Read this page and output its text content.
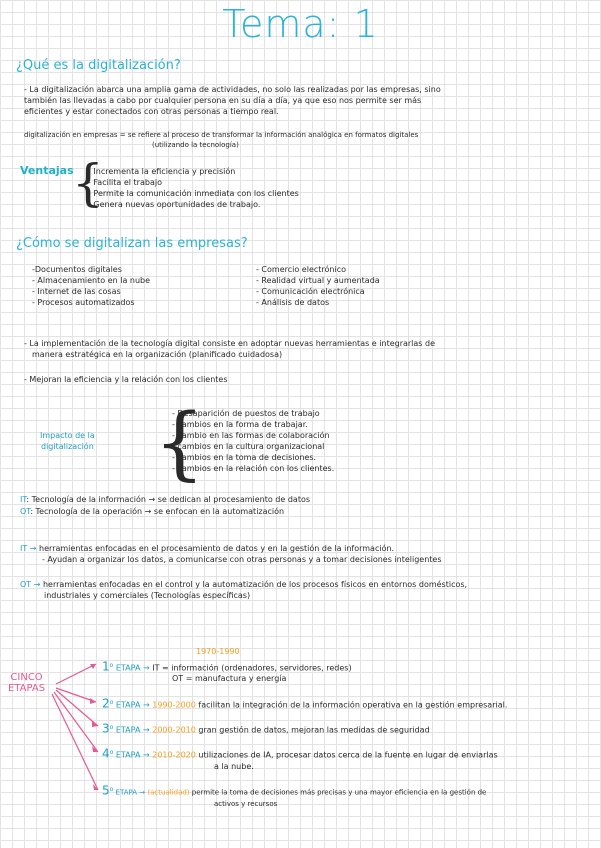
Tema: 1
¿Qué es la digitalización?
- La digitalización abarca una amplia gama de actividades, no solo las realizadas por las empresas, sino
también las llevadas a cabo por cualquier persona en su día a día, ya que eso nos permite ser más
eficientes y estar conectados con otras personas a tiempo real.
digitalización en empresas = se refiere al proceso de transformar la información analógica en formatos digitales
(utilizando la tecnología)
Ventajas
{
- Incrementa la eficiencia y precisión
- Facilita el trabajo
- Permite la comunicación inmediata con los clientes
- Genera nuevas oportunidades de trabajo.
¿Cómo se digitalizan las empresas?
-Documentos digitales
- Almacenamiento en la nube
- Internet de las cosas
- Procesos automatizados
- Comercio electrónico
- Realidad virtual y aumentada
- Comunicación electrónica
- Análisis de datos
- La implementación de la tecnología digital consiste en adoptar nuevas herramientas e integrarlas de
manera estratégica en la organización (planificado cuidadosa)
- Mejoran la eficiencia y la relación con los clientes
Impacto de la
digitalización {
- Desaparición de puestos de trabajo
- cambios en la forma de trabajar.
- cambio en las formas de colaboración
- cambios en la cultura organizacional
- cambios en la toma de decisiones.
- cambios en la relación con los clientes.
IT: Tecnología de la información → se dedican al procesamiento de datos
OT: Tecnología de la operación → se enfocan en la automatización
IT → herramientas enfocadas en el procesamiento de datos y en la gestión de la información.
- Ayudan a organizar los datos, a comunicarse con otras personas y a tomar decisiones inteligentes
OT → herramientas enfocadas en el control y la automatización de los procesos físicos en entornos domésticos,
industriales y comerciales (Tecnologías específicas)
CINCO
ETAPAS
1970-1990
1$^o$ ETAPA → IT = información (ordenadores, servidores, redes)
OT = manufactura y energía
2$^o$ ETAPA → 1990-2000 facilitan la integración de la información operativa en la gestión empresarial.
3$^o$ ETAPA → 2000-2010 gran gestión de datos, mejoran las medidas de seguridad
4$^o$ ETAPA → 2010-2020 utilizaciones de IA, procesar datos cerca de la fuente en lugar de enviarlas
a la nube.
5$^o$ ETAPA → (actualidad) permite la toma de decisiones más precisas y una mayor eficiencia en la gestión de
activos y recursos
